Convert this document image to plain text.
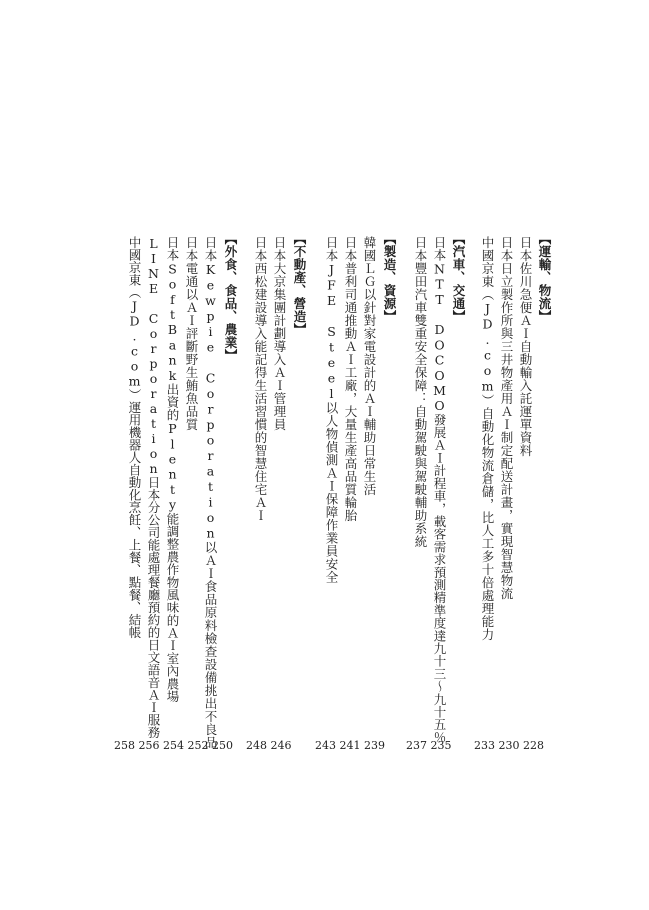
【運輸、物流】
日本佐川急便ＡＩ自動輸入託運單資料
日本日立製作所與三井物產用ＡＩ制定配送計畫，實現智慧物流
中國京東（JD.com）自動化物流倉儲，比人工多十倍處理能力
【汽車、交通】
日本NTT DOCOMO發展ＡＩ計程車，載客需求預測精準度達九十三～九十五％
日本豐田汽車雙重安全保障：自動駕駛與駕駛輔助系統
【製造、資源】
韓國ＬＧ以針對家電設計的ＡＩ輔助日常生活
日本普利司通推動ＡＩ工廠，大量生產高品質輪胎
日本JFE Steel以人物偵測ＡＩ保障作業員安全
【不動產、營造】
日本大京集團計劃導入ＡＩ管理員
日本西松建設導入能記得生活習慣的智慧住宅ＡＩ
【外食、食品、農業】
日本Kewpie Corporation以ＡＩ食品原料檢查設備挑出不良品
日本電通以ＡＩ評斷野生鮪魚品質
日本SoftBank出資的Plenty能調整農作物風味的ＡＩ室內農場
LINE Corporation日本分公司能處理餐廳預約的日文語音ＡＩ服務
中國京東（JD.com）運用機器人自動化烹飪、上餐、點餐、結帳
233 230 228
237 235
243 241 239
248 246
258 256 254 252 250
